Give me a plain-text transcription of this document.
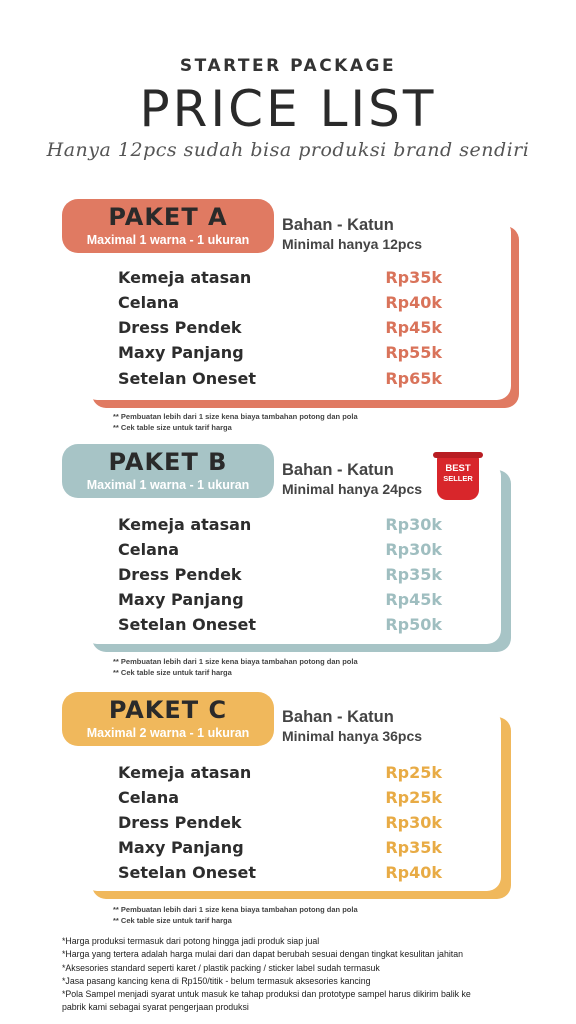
STARTER PACKAGE
PRICE LIST
Hanya 12pcs sudah bisa produksi brand sendiri
PAKET A
Maximal 1 warna - 1 ukuran
Bahan - Katun
Minimal hanya 12pcs
Kemeja atasan	Rp35k
Celana	Rp40k
Dress Pendek	Rp45k
Maxy Panjang	Rp55k
Setelan Oneset	Rp65k
** Pembuatan lebih dari 1 size kena biaya tambahan potong dan pola
** Cek table size untuk tarif harga
PAKET B
Maximal 1 warna - 1 ukuran
Bahan - Katun
Minimal hanya 24pcs
BEST
SELLER
Kemeja atasan	Rp30k
Celana	Rp30k
Dress Pendek	Rp35k
Maxy Panjang	Rp45k
Setelan Oneset	Rp50k
** Pembuatan lebih dari 1 size kena biaya tambahan potong dan pola
** Cek table size untuk tarif harga
PAKET C
Maximal 2 warna - 1 ukuran
Bahan - Katun
Minimal hanya 36pcs
Kemeja atasan	Rp25k
Celana	Rp25k
Dress Pendek	Rp30k
Maxy Panjang	Rp35k
Setelan Oneset	Rp40k
** Pembuatan lebih dari 1 size kena biaya tambahan potong dan pola
** Cek table size untuk tarif harga
*Harga produksi termasuk dari potong hingga jadi produk siap jual
*Harga yang tertera adalah harga mulai dari dan dapat berubah sesuai dengan tingkat kesulitan jahitan
*Aksesories standard seperti karet / plastik packing / sticker label sudah termasuk
*Jasa pasang kancing kena di Rp150/titik - belum termasuk aksesories kancing
*Pola Sampel menjadi syarat untuk masuk ke tahap produksi dan prototype sampel harus dikirim balik ke
pabrik kami sebagai syarat pengerjaan produksi
